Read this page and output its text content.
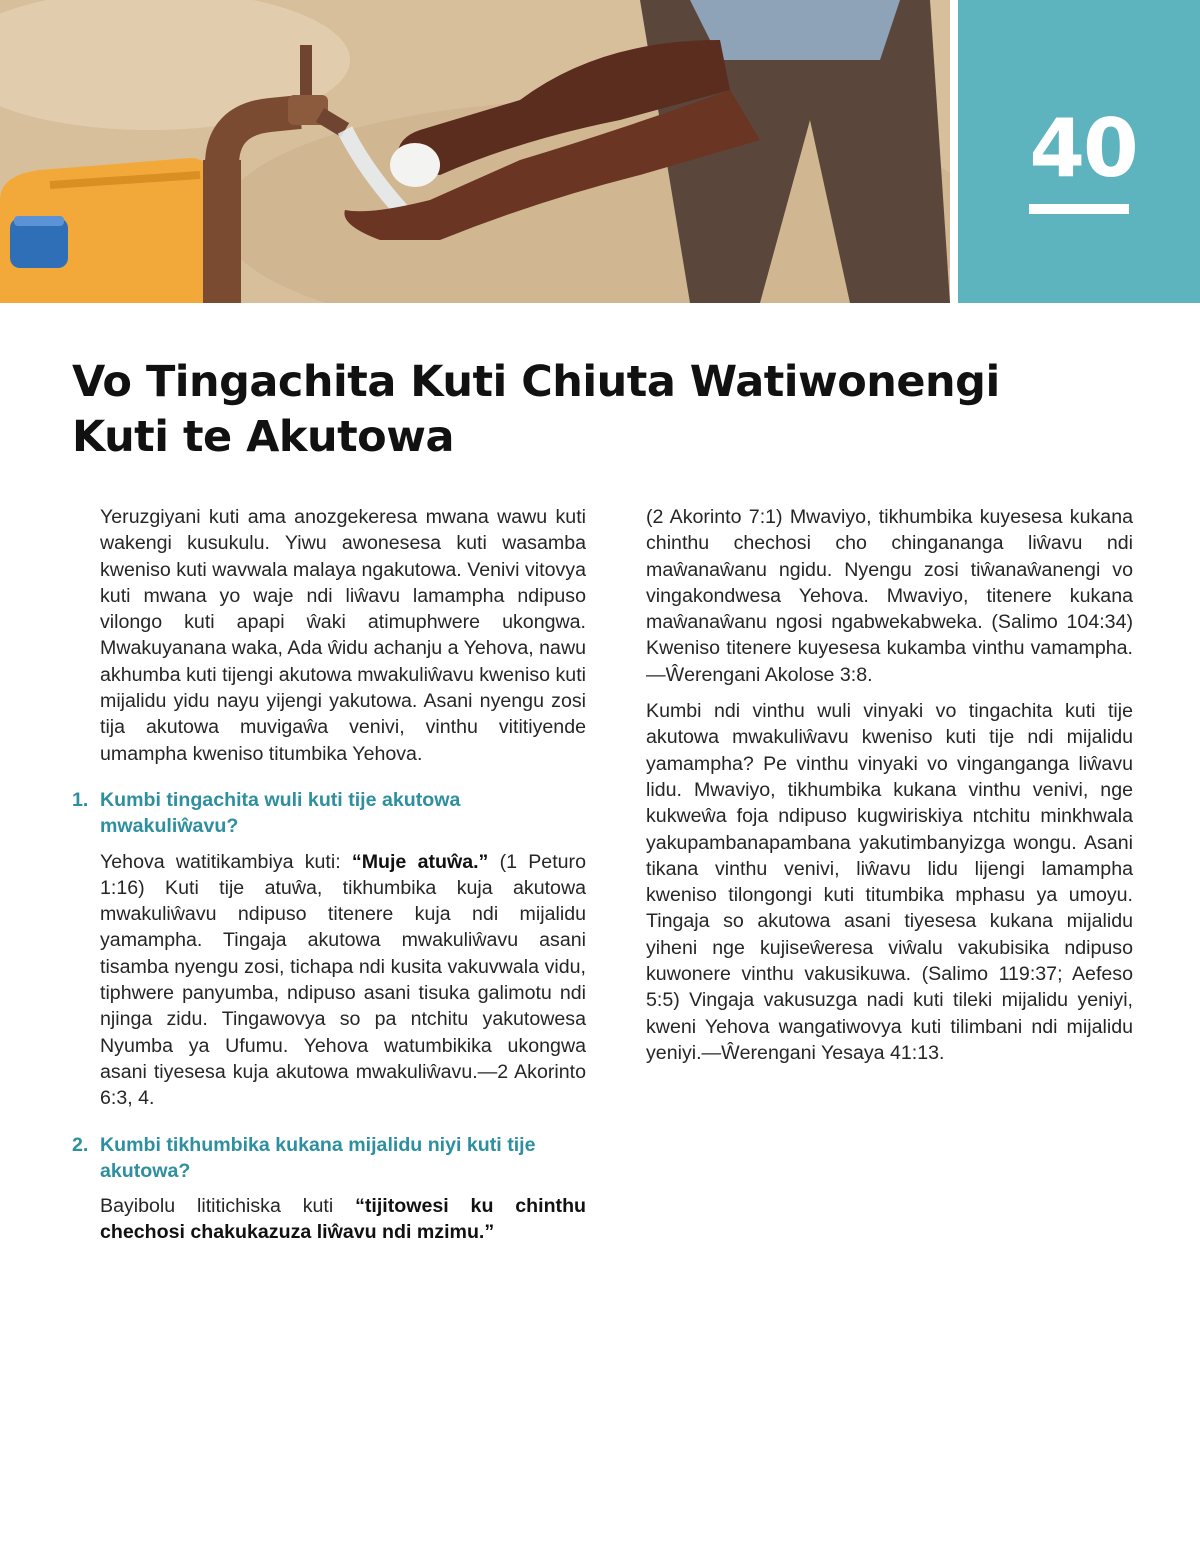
40
Vo Tingachita Kuti Chiuta Watiwonengi Kuti te Akutowa

Yeruzgiyani kuti ama anozgekeresa mwana wawu kuti wakengi kusukulu. Yiwu awonesesa kuti wasamba kweniso kuti wavwala malaya ngakutowa. Venivi vitovya kuti mwana yo waje ndi liŵavu lamampha ndipuso vilongo kuti apapi ŵaki atimuphwere ukongwa. Mwakuyanana waka, Ada ŵidu achanju a Yehova, nawu akhumba kuti tijengi akutowa mwakuliŵavu kweniso kuti mijalidu yidu nayu yijengi yakutowa. Asani nyengu zosi tija akutowa muvigaŵa venivi, vinthu vititiyende umampha kweniso titumbika Yehova.

1. Kumbi tingachita wuli kuti tije akutowa mwakuliŵavu?

Yehova watitikambiya kuti: “Muje atuŵa.” (1 Peturo 1:16) Kuti tije atuŵa, tikhumbika kuja akutowa mwakuliŵavu ndipuso titenere kuja ndi mijalidu yamampha. Tingaja akutowa mwakuliŵavu asani tisamba nyengu zosi, tichapa ndi kusita vakuvwala vidu, tiphwere panyumba, ndipuso asani tisuka galimotu ndi njinga zidu. Tingawovya so pa ntchitu yakutowesa Nyumba ya Ufumu. Yehova watumbikika ukongwa asani tiyesesa kuja akutowa mwakuliŵavu.—2 Akorinto 6:3, 4.

2. Kumbi tikhumbika kukana mijalidu niyi kuti tije akutowa?

Bayibolu lititichiska kuti “tijitowesi ku chinthu chechosi chakukazuza liŵavu ndi mzimu.”

(2 Akorinto 7:1) Mwaviyo, tikhumbika kuyesesa kukana chinthu chechosi cho chingananga liŵavu ndi maŵanaŵanu ngidu. Nyengu zosi tiŵanaŵanengi vo vingakondwesa Yehova. Mwaviyo, titenere kukana maŵanaŵanu ngosi ngabwekabweka. (Salimo 104:34) Kweniso titenere kuyesesa kukamba vinthu vamampha.—Ŵerengani Akolose 3:8.

Kumbi ndi vinthu wuli vinyaki vo tingachita kuti tije akutowa mwakuliŵavu kweniso kuti tije ndi mijalidu yamampha? Pe vinthu vinyaki vo vinganganga liŵavu lidu. Mwaviyo, tikhumbika kukana vinthu venivi, nge kukweŵa foja ndipuso kugwiriskiya ntchitu minkhwala yakupambanapambana yakutimbanyizga wongu. Asani tikana vinthu venivi, liŵavu lidu lijengi lamampha kweniso tilongongi kuti titumbika mphasu ya umoyu. Tingaja so akutowa asani tiyesesa kukana mijalidu yiheni nge kujiseŵeresa viŵalu vakubisika ndipuso kuwonere vinthu vakusikuwa. (Salimo 119:37; Aefeso 5:5) Vingaja vakusuzga nadi kuti tileki mijalidu yeniyi, kweni Yehova wangatiwovya kuti tilimbani ndi mijalidu yeniyi.—Ŵerengani Yesaya 41:13.
